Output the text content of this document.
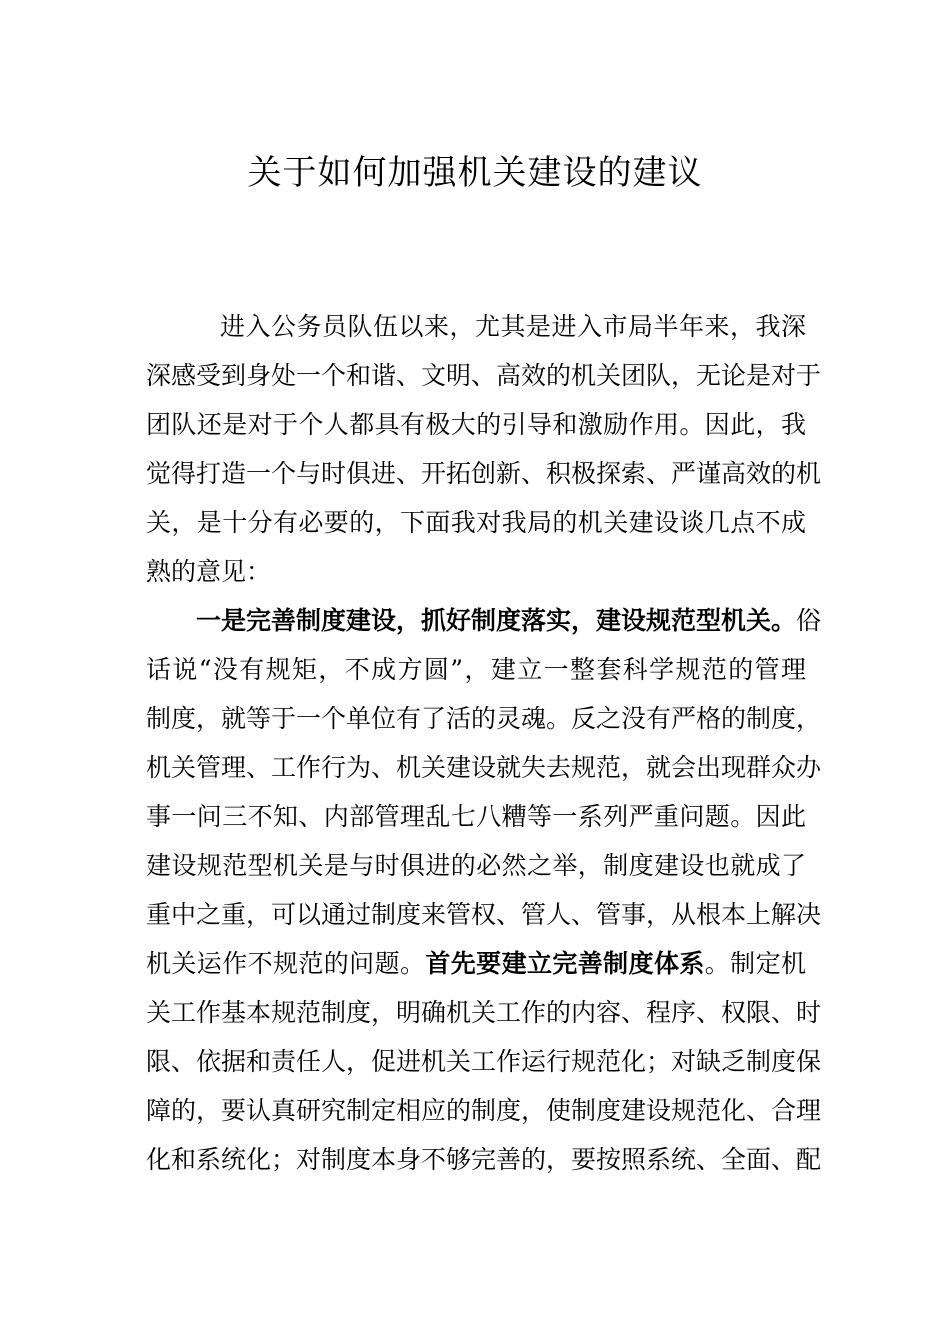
关于如何加强机关建设的建议
进入公务员队伍以来，尤其是进入市局半年来，我深
深感受到身处一个和谐、文明、高效的机关团队，无论是对于
团队还是对于个人都具有极大的引导和激励作用。因此，我
觉得打造一个与时俱进、开拓创新、积极探索、严谨高效的机
关，是十分有必要的，下面我对我局的机关建设谈几点不成
熟的意见：
一是完善制度建设，抓好制度落实，建设规范型机关。俗
话说“没有规矩，不成方圆”，建立一整套科学规范的管理
制度，就等于一个单位有了活的灵魂。反之没有严格的制度，
机关管理、工作行为、机关建设就失去规范，就会出现群众办
事一问三不知、内部管理乱七八糟等一系列严重问题。因此
建设规范型机关是与时俱进的必然之举，制度建设也就成了
重中之重，可以通过制度来管权、管人、管事，从根本上解决
机关运作不规范的问题。首先要建立完善制度体系。制定机
关工作基本规范制度，明确机关工作的内容、程序、权限、时
限、依据和责任人，促进机关工作运行规范化；对缺乏制度保
障的，要认真研究制定相应的制度，使制度建设规范化、合理
化和系统化；对制度本身不够完善的，要按照系统、全面、配
